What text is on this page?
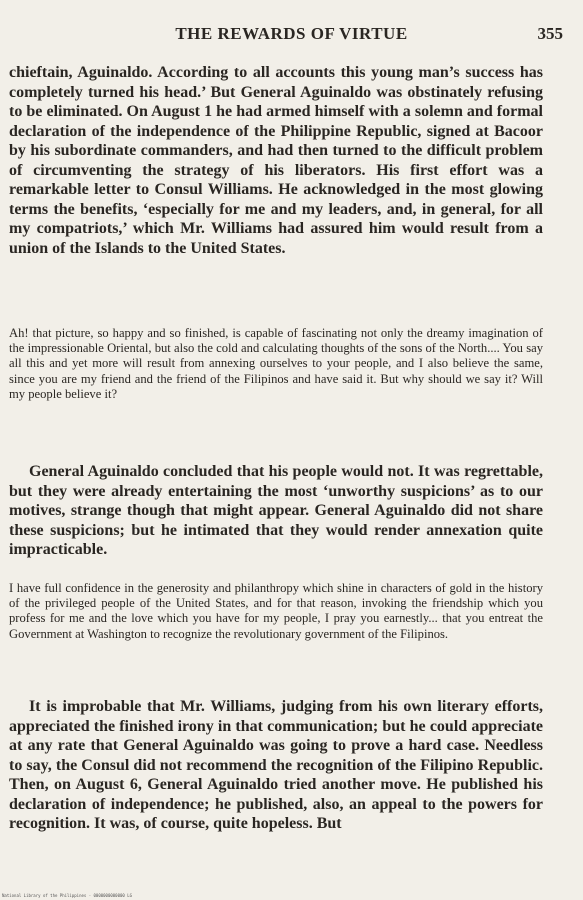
THE REWARDS OF VIRTUE	355

chieftain, Aguinaldo. According to all accounts this young man’s success has completely turned his head.’ But General Aguinaldo was obstinately refusing to be eliminated. On August 1 he had armed himself with a solemn and formal declaration of the independence of the Philippine Republic, signed at Bacoor by his subordinate commanders, and had then turned to the difficult problem of circumventing the strategy of his liberators. His first effort was a remarkable letter to Consul Williams. He acknowledged in the most glowing terms the benefits, ‘especially for me and my leaders, and, in general, for all my compatriots,’ which Mr. Williams had assured him would result from a union of the Islands to the United States.

Ah! that picture, so happy and so finished, is capable of fascinating not only the dreamy imagination of the impressionable Oriental, but also the cold and calculating thoughts of the sons of the North.... You say all this and yet more will result from annexing ourselves to your people, and I also believe the same, since you are my friend and the friend of the Filipinos and have said it. But why should we say it? Will my people believe it?

General Aguinaldo concluded that his people would not. It was regrettable, but they were already entertaining the most ‘unworthy suspicions’ as to our motives, strange though that might appear. General Aguinaldo did not share these suspicions; but he intimated that they would render annexation quite impracticable.

I have full confidence in the generosity and philanthropy which shine in characters of gold in the history of the privileged people of the United States, and for that reason, invoking the friendship which you profess for me and the love which you have for my people, I pray you earnestly... that you entreat the Government at Washington to recognize the revolutionary government of the Filipinos.

It is improbable that Mr. Williams, judging from his own literary efforts, appreciated the finished irony in that communication; but he could appreciate at any rate that General Aguinaldo was going to prove a hard case. Needless to say, the Consul did not recommend the recognition of the Filipino Republic. Then, on August 6, General Aguinaldo tried another move. He published his declaration of independence; he published, also, an appeal to the powers for recognition. It was, of course, quite hopeless. But

National Library of the Philippines · 0000000000000 LG
